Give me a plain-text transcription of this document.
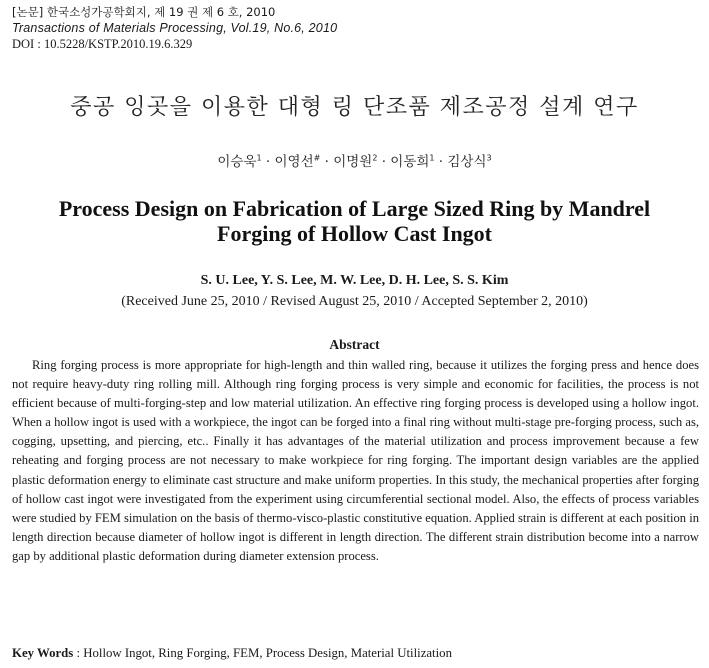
[논문] 한국소성가공학회지, 제 19 권 제 6 호, 2010
Transactions of Materials Processing, Vol.19, No.6, 2010
DOI : 10.5228/KSTP.2010.19.6.329
중공 잉곳을 이용한 대형 링 단조품 제조공정 설계 연구
이승욱$^1$ · 이영선# · 이명원$^2$ · 이동희$^1$ · 김상식$^3$
Process Design on Fabrication of Large Sized Ring by Mandrel
Forging of Hollow Cast Ingot
S. U. Lee, Y. S. Lee, M. W. Lee, D. H. Lee, S. S. Kim
(Received June 25, 2010 / Revised August 25, 2010 / Accepted September 2, 2010)
Abstract

Ring forging process is more appropriate for high-length and thin walled ring, because it utilizes the forging press and hence does not require heavy-duty ring rolling mill. Although ring forging process is very simple and economic for facilities, the process is not efficient because of multi-forging-step and low material utilization. An effective ring forging process is developed using a hollow ingot. When a hollow ingot is used with a workpiece, the ingot can be forged into a final ring without multi-stage pre-forging process, such as, cogging, upsetting, and piercing, etc.. Finally it has advantages of the material utilization and process improvement because a few reheating and forging process are not necessary to make workpiece for ring forging. The important design variables are the applied plastic deformation energy to eliminate cast structure and make uniform properties. In this study, the mechanical properties after forging of hollow cast ingot were investigated from the experiment using circumferential sectional model. Also, the effects of process variables were studied by FEM simulation on the basis of thermo-visco-plastic constitutive equation. Applied strain is different at each position in length direction because diameter of hollow ingot is different in length direction. The different strain distribution become into a narrow gap by additional plastic deformation during diameter extension process.

Key Words : Hollow Ingot, Ring Forging, FEM, Process Design, Material Utilization
